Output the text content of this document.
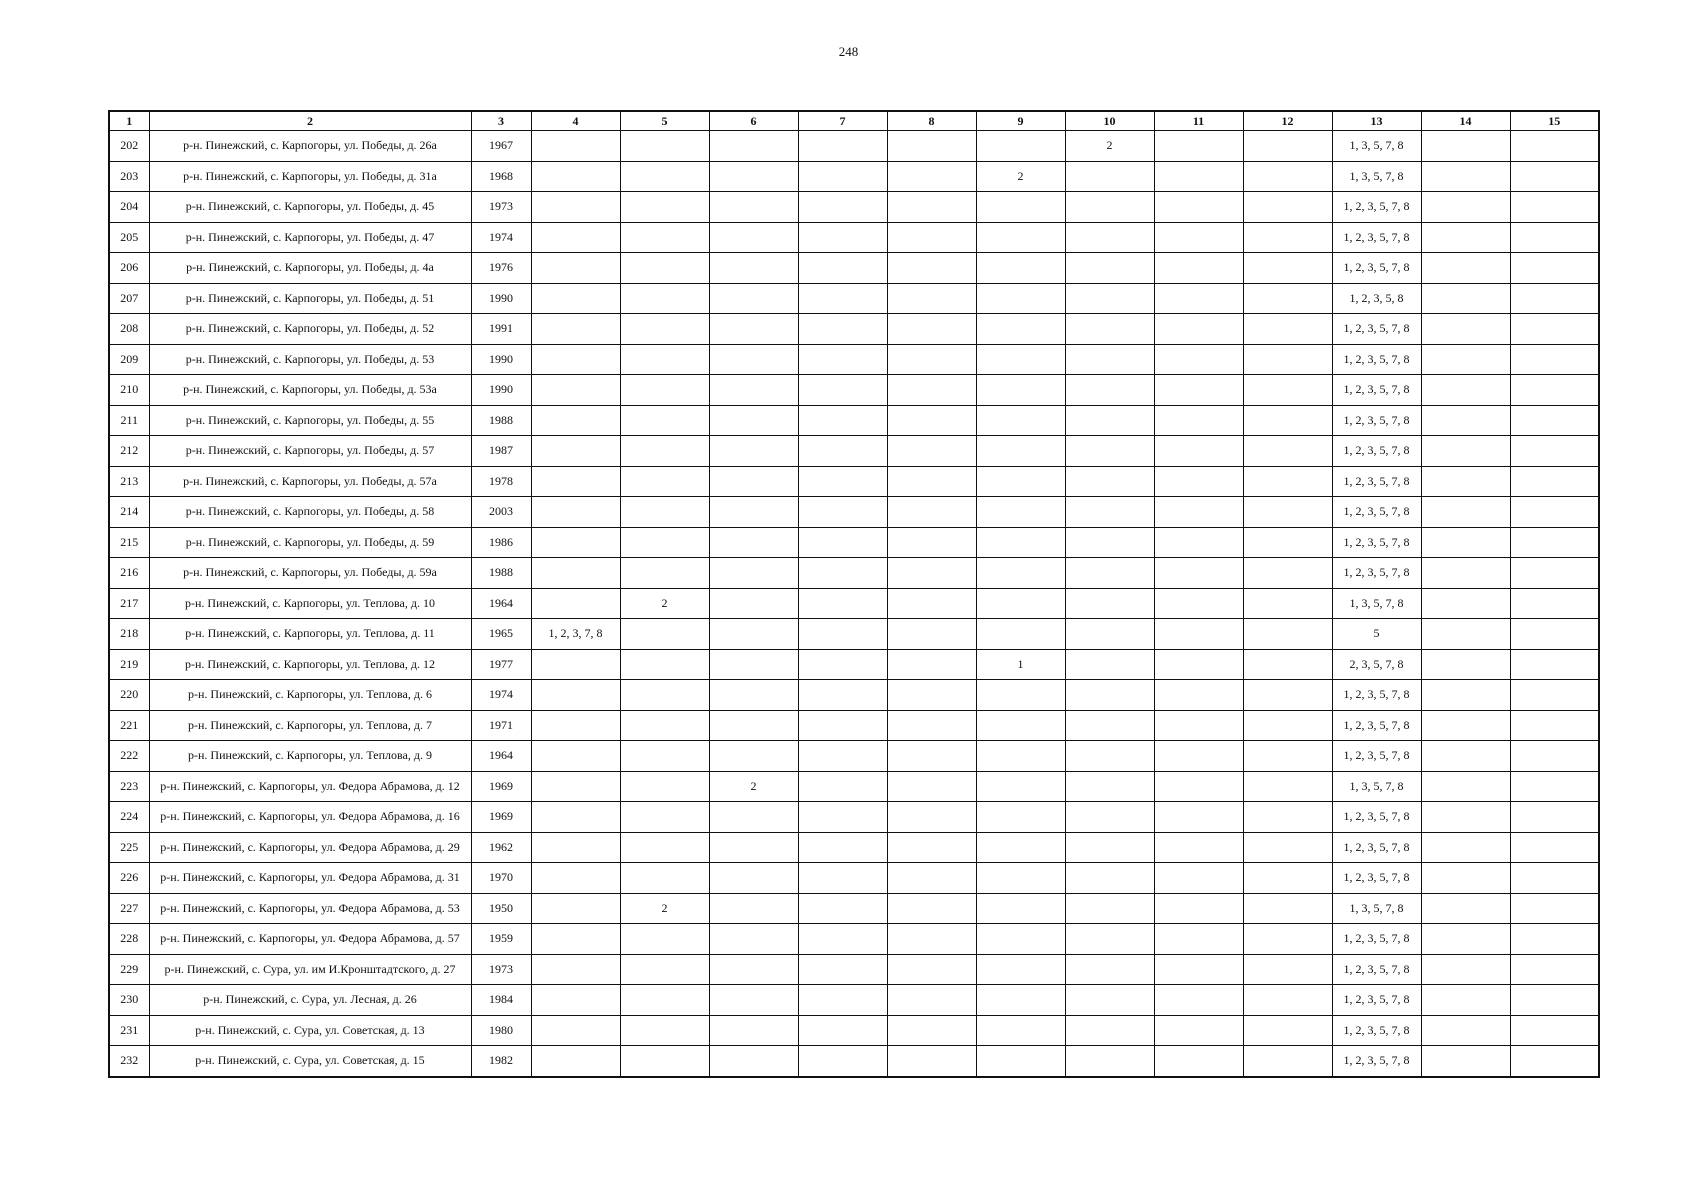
248
1	2	3	4	5	6	7	8	9	10	11	12	13	14	15
202	р-н. Пинежский, с. Карпогоры, ул. Победы, д. 26а	1967							2			1, 3, 5, 7, 8		
203	р-н. Пинежский, с. Карпогоры, ул. Победы, д. 31а	1968						2				1, 3, 5, 7, 8		
204	р-н. Пинежский, с. Карпогоры, ул. Победы, д. 45	1973										1, 2, 3, 5, 7, 8		
205	р-н. Пинежский, с. Карпогоры, ул. Победы, д. 47	1974										1, 2, 3, 5, 7, 8		
206	р-н. Пинежский, с. Карпогоры, ул. Победы, д. 4а	1976										1, 2, 3, 5, 7, 8		
207	р-н. Пинежский, с. Карпогоры, ул. Победы, д. 51	1990										1, 2, 3, 5, 8		
208	р-н. Пинежский, с. Карпогоры, ул. Победы, д. 52	1991										1, 2, 3, 5, 7, 8		
209	р-н. Пинежский, с. Карпогоры, ул. Победы, д. 53	1990										1, 2, 3, 5, 7, 8		
210	р-н. Пинежский, с. Карпогоры, ул. Победы, д. 53а	1990										1, 2, 3, 5, 7, 8		
211	р-н. Пинежский, с. Карпогоры, ул. Победы, д. 55	1988										1, 2, 3, 5, 7, 8		
212	р-н. Пинежский, с. Карпогоры, ул. Победы, д. 57	1987										1, 2, 3, 5, 7, 8		
213	р-н. Пинежский, с. Карпогоры, ул. Победы, д. 57а	1978										1, 2, 3, 5, 7, 8		
214	р-н. Пинежский, с. Карпогоры, ул. Победы, д. 58	2003										1, 2, 3, 5, 7, 8		
215	р-н. Пинежский, с. Карпогоры, ул. Победы, д. 59	1986										1, 2, 3, 5, 7, 8		
216	р-н. Пинежский, с. Карпогоры, ул. Победы, д. 59а	1988										1, 2, 3, 5, 7, 8		
217	р-н. Пинежский, с. Карпогоры, ул. Теплова, д. 10	1964		2								1, 3, 5, 7, 8		
218	р-н. Пинежский, с. Карпогоры, ул. Теплова, д. 11	1965	1, 2, 3, 7, 8									5		
219	р-н. Пинежский, с. Карпогоры, ул. Теплова, д. 12	1977						1				2, 3, 5, 7, 8		
220	р-н. Пинежский, с. Карпогоры, ул. Теплова, д. 6	1974										1, 2, 3, 5, 7, 8		
221	р-н. Пинежский, с. Карпогоры, ул. Теплова, д. 7	1971										1, 2, 3, 5, 7, 8		
222	р-н. Пинежский, с. Карпогоры, ул. Теплова, д. 9	1964										1, 2, 3, 5, 7, 8		
223	р-н. Пинежский, с. Карпогоры, ул. Федора Абрамова, д. 12	1969			2							1, 3, 5, 7, 8		
224	р-н. Пинежский, с. Карпогоры, ул. Федора Абрамова, д. 16	1969										1, 2, 3, 5, 7, 8		
225	р-н. Пинежский, с. Карпогоры, ул. Федора Абрамова, д. 29	1962										1, 2, 3, 5, 7, 8		
226	р-н. Пинежский, с. Карпогоры, ул. Федора Абрамова, д. 31	1970										1, 2, 3, 5, 7, 8		
227	р-н. Пинежский, с. Карпогоры, ул. Федора Абрамова, д. 53	1950		2								1, 3, 5, 7, 8		
228	р-н. Пинежский, с. Карпогоры, ул. Федора Абрамова, д. 57	1959										1, 2, 3, 5, 7, 8		
229	р-н. Пинежский, с. Сура, ул. им И.Кронштадтского, д. 27	1973										1, 2, 3, 5, 7, 8		
230	р-н. Пинежский, с. Сура, ул. Лесная, д. 26	1984										1, 2, 3, 5, 7, 8		
231	р-н. Пинежский, с. Сура, ул. Советская, д. 13	1980										1, 2, 3, 5, 7, 8		
232	р-н. Пинежский, с. Сура, ул. Советская, д. 15	1982										1, 2, 3, 5, 7, 8		
